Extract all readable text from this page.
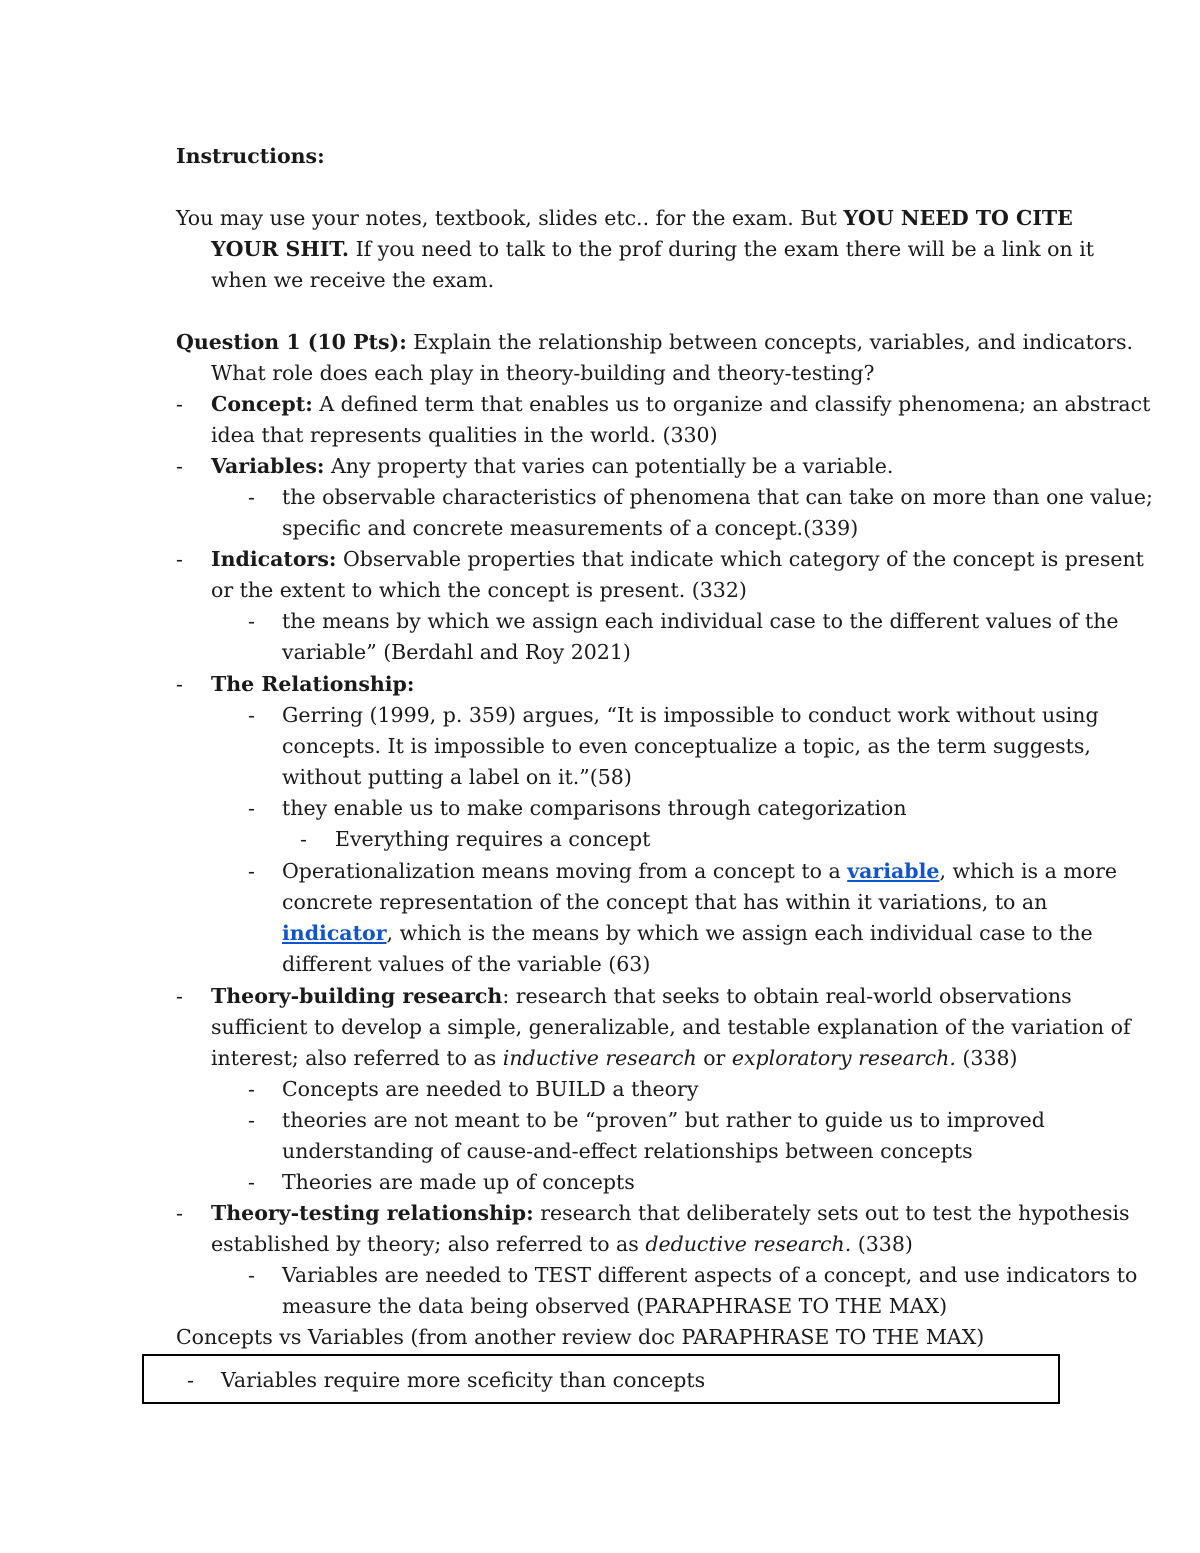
Instructions:
You may use your notes, textbook, slides etc.. for the exam. But YOU NEED TO CITE
YOUR SHIT. If you need to talk to the prof during the exam there will be a link on it
when we receive the exam.
Question 1 (10 Pts): Explain the relationship between concepts, variables, and indicators.
What role does each play in theory-building and theory-testing?
- Concept: A defined term that enables us to organize and classify phenomena; an abstract
idea that represents qualities in the world. (330)
- Variables: Any property that varies can potentially be a variable.
- the observable characteristics of phenomena that can take on more than one value;
specific and concrete measurements of a concept.(339)
- Indicators: Observable properties that indicate which category of the concept is present
or the extent to which the concept is present. (332)
- the means by which we assign each individual case to the different values of the
variable” (Berdahl and Roy 2021)
- The Relationship:
- Gerring (1999, p. 359) argues, “It is impossible to conduct work without using
concepts. It is impossible to even conceptualize a topic, as the term suggests,
without putting a label on it.”(58)
- they enable us to make comparisons through categorization
- Everything requires a concept
- Operationalization means moving from a concept to a variable, which is a more
concrete representation of the concept that has within it variations, to an
indicator, which is the means by which we assign each individual case to the
different values of the variable (63)
- Theory-building research: research that seeks to obtain real-world observations
sufficient to develop a simple, generalizable, and testable explanation of the variation of
interest; also referred to as inductive research or exploratory research. (338)
- Concepts are needed to BUILD a theory
- theories are not meant to be “proven” but rather to guide us to improved
understanding of cause-and-effect relationships between concepts
- Theories are made up of concepts
- Theory-testing relationship: research that deliberately sets out to test the hypothesis
established by theory; also referred to as deductive research. (338)
- Variables are needed to TEST different aspects of a concept, and use indicators to
measure the data being observed (PARAPHRASE TO THE MAX)
Concepts vs Variables (from another review doc PARAPHRASE TO THE MAX)
- Variables require more sceficity than concepts
